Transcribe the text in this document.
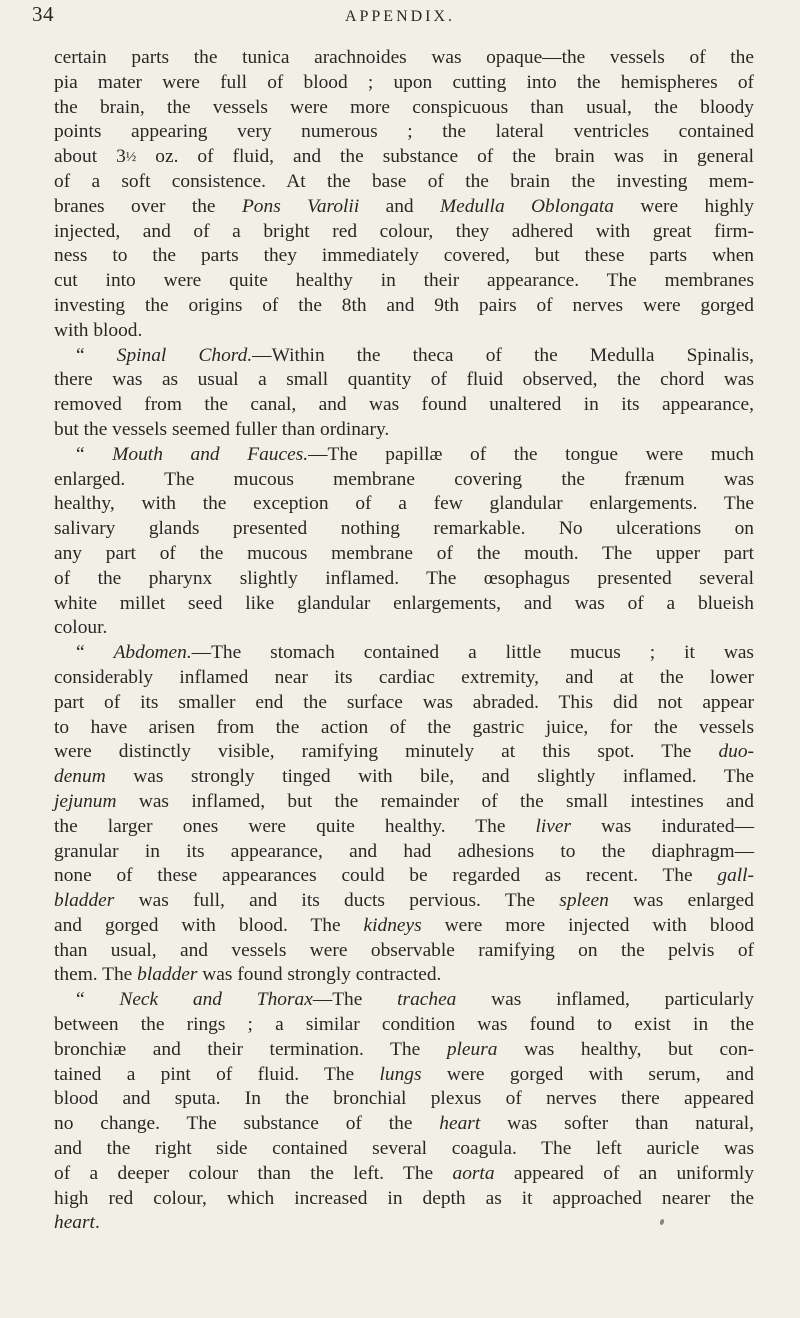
34	APPENDIX.
certain parts the tunica arachnoides was opaque—the vessels of the
pia mater were full of blood ; upon cutting into the hemispheres of
the brain, the vessels were more conspicuous than usual, the bloody
points appearing very numerous ; the lateral ventricles contained
about 3½ oz. of fluid, and the substance of the brain was in general
of a soft consistence. At the base of the brain the investing mem-
branes over the Pons Varolii and Medulla Oblongata were highly
injected, and of a bright red colour, they adhered with great firm-
ness to the parts they immediately covered, but these parts when
cut into were quite healthy in their appearance. The membranes
investing the origins of the 8th and 9th pairs of nerves were gorged
with blood.
“ Spinal Chord.—Within the theca of the Medulla Spinalis,
there was as usual a small quantity of fluid observed, the chord was
removed from the canal, and was found unaltered in its appearance,
but the vessels seemed fuller than ordinary.
“ Mouth and Fauces.—The papillæ of the tongue were much
enlarged. The mucous membrane covering the frænum was
healthy, with the exception of a few glandular enlargements. The
salivary glands presented nothing remarkable. No ulcerations on
any part of the mucous membrane of the mouth. The upper part
of the pharynx slightly inflamed. The œsophagus presented several
white millet seed like glandular enlargements, and was of a blueish
colour.
“ Abdomen.—The stomach contained a little mucus ; it was
considerably inflamed near its cardiac extremity, and at the lower
part of its smaller end the surface was abraded. This did not appear
to have arisen from the action of the gastric juice, for the vessels
were distinctly visible, ramifying minutely at this spot. The duo-
denum was strongly tinged with bile, and slightly inflamed. The
jejunum was inflamed, but the remainder of the small intestines and
the larger ones were quite healthy. The liver was indurated—
granular in its appearance, and had adhesions to the diaphragm—
none of these appearances could be regarded as recent. The gall-
bladder was full, and its ducts pervious. The spleen was enlarged
and gorged with blood. The kidneys were more injected with blood
than usual, and vessels were observable ramifying on the pelvis of
them. The bladder was found strongly contracted.
“ Neck and Thorax—The trachea was inflamed, particularly
between the rings ; a similar condition was found to exist in the
bronchiæ and their termination. The pleura was healthy, but con-
tained a pint of fluid. The lungs were gorged with serum, and
blood and sputa. In the bronchial plexus of nerves there appeared
no change. The substance of the heart was softer than natural,
and the right side contained several coagula. The left auricle was
of a deeper colour than the left. The aorta appeared of an uniformly
high red colour, which increased in depth as it approached nearer the
heart.
